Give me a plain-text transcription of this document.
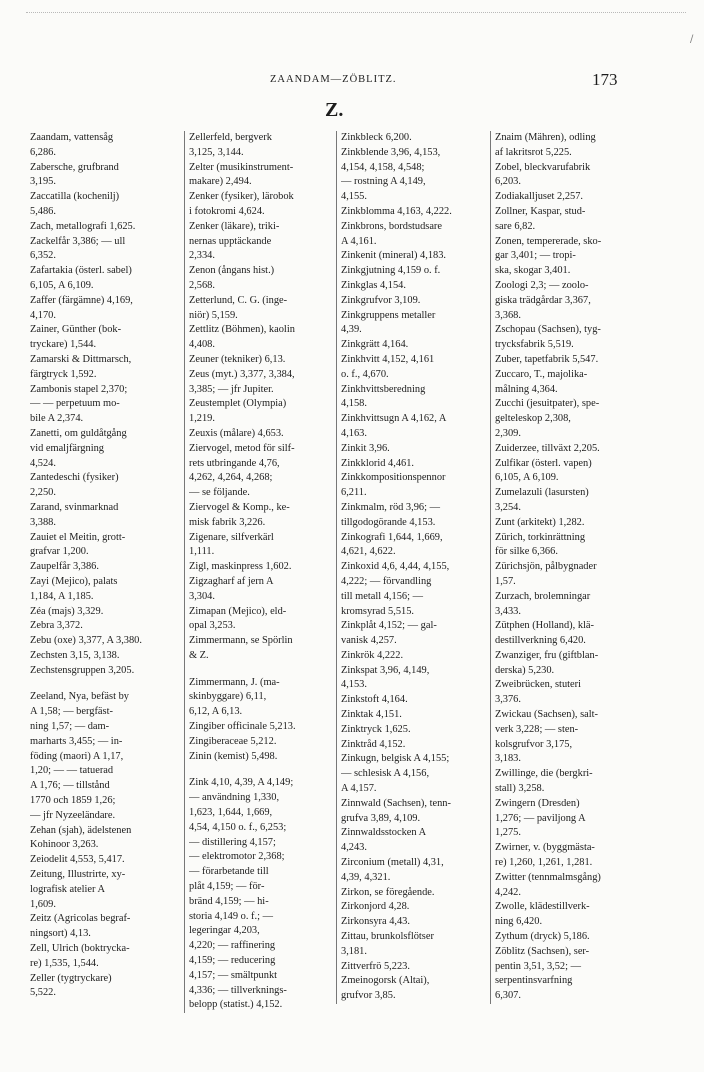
/
ZAANDAM—ZÖBLITZ.	173
Z.
Zaandam, vattensåg
6,286.
Zabersche, grufbrand
3,195.
Zaccatilla (kochenilj)
5,486.
Zach, metallografi 1,625.
Zackelfår 3,386; — ull
6,352.
Zafartakia (österl. sabel)
6,105, A 6,109.
Zaffer (färgämne) 4,169,
4,170.
Zainer, Günther (bok-
tryckare) 1,544.
Zamarski & Dittmarsch,
färgtryck 1,592.
Zambonis stapel 2,370;
— — perpetuum mo-
bile A 2,374.
Zanetti, om guldåtgång
vid emaljfärgning
4,524.
Zantedeschi (fysiker)
2,250.
Zarand, svinmarknad
3,388.
Zauiet el Meitin, grott-
grafvar 1,200.
Zaupelfår 3,386.
Zayi (Mejico), palats
1,184, A 1,185.
Zéa (majs) 3,329.
Zebra 3,372.
Zebu (oxe) 3,377, A 3,380.
Zechsten 3,15, 3,138.
Zechstensgruppen 3,205.
Zeeland, Nya, befäst by
A 1,58; — bergfäst-
ning 1,57; — dam-
marharts 3,455; — in-
föding (maori) A 1,17,
1,20; — — tatuerad
A 1,76; — tillstånd
1770 och 1859 1,26;
— jfr Nyzeeländare.
Zehan (sjah), ädelstenen
Kohinoor 3,263.
Zeiodelit 4,553, 5,417.
Zeitung, Illustrirte, xy-
lografisk atelier A
1,609.
Zeitz (Agricolas begraf-
ningsort) 4,13.
Zell, Ulrich (boktrycka-
re) 1,535, 1,544.
Zeller (tygtryckare)
5,522.
Zellerfeld, bergverk
3,125, 3,144.
Zelter (musikinstrument-
makare) 2,494.
Zenker (fysiker), lärobok
i fotokromi 4,624.
Zenker (läkare), triki-
nernas upptäckande
2,334.
Zenon (ångans hist.)
2,568.
Zetterlund, C. G. (inge-
niör) 5,159.
Zettlitz (Böhmen), kaolin
4,408.
Zeuner (tekniker) 6,13.
Zeus (myt.) 3,377, 3,384,
3,385; — jfr Jupiter.
Zeustemplet (Olympia)
1,219.
Zeuxis (målare) 4,653.
Ziervogel, metod för silf-
rets utbringande 4,76,
4,262, 4,264, 4,268;
— se följande.
Ziervogel & Komp., ke-
misk fabrik 3,226.
Zigenare, silfverkärl
1,111.
Zigl, maskinpress 1,602.
Zigzagharf af jern A
3,304.
Zimapan (Mejico), eld-
opal 3,253.
Zimmermann, se Spörlin
& Z.
Zimmermann, J. (ma-
skinbyggare) 6,11,
6,12, A 6,13.
Zingiber officinale 5,213.
Zingiberaceae 5,212.
Zinin (kemist) 5,498.
Zink 4,10, 4,39, A 4,149;
— användning 1,330,
1,623, 1,644, 1,669,
4,54, 4,150 o. f., 6,253;
— distillering 4,157;
— elektromotor 2,368;
— förarbetande till
plåt 4,159; — för-
bränd 4,159; — hi-
storia 4,149 o. f.; —
legeringar 4,203,
4,220; — raffinering
4,159; — reducering
4,157; — smältpunkt
4,336; — tillverknings-
belopp (statist.) 4,152.
Zinkbleck 6,200.
Zinkblende 3,96, 4,153,
4,154, 4,158, 4,548;
— rostning A 4,149,
4,155.
Zinkblomma 4,163, 4,222.
Zinkbrons, bordstudsare
A 4,161.
Zinkenit (mineral) 4,183.
Zinkgjutning 4,159 o. f.
Zinkglas 4,154.
Zinkgrufvor 3,109.
Zinkgruppens metaller
4,39.
Zinkgrätt 4,164.
Zinkhvitt 4,152, 4,161
o. f., 4,670.
Zinkhvittsberedning
4,158.
Zinkhvittsugn A 4,162, A
4,163.
Zinkit 3,96.
Zinkklorid 4,461.
Zinkkompositionspennor
6,211.
Zinkmalm, röd 3,96; —
tillgodogörande 4,153.
Zinkografi 1,644, 1,669,
4,621, 4,622.
Zinkoxid 4,6, 4,44, 4,155,
4,222; — förvandling
till metall 4,156; —
kromsyrad 5,515.
Zinkplåt 4,152; — gal-
vanisk 4,257.
Zinkrök 4,222.
Zinkspat 3,96, 4,149,
4,153.
Zinkstoft 4,164.
Zinktak 4,151.
Zinktryck 1,625.
Zinktråd 4,152.
Zinkugn, belgisk A 4,155;
— schlesisk A 4,156,
A 4,157.
Zinnwald (Sachsen), tenn-
grufva 3,89, 4,109.
Zinnwaldsstocken A
4,243.
Zirconium (metall) 4,31,
4,39, 4,321.
Zirkon, se föregående.
Zirkonjord 4,28.
Zirkonsyra 4,43.
Zittau, brunkolsflötser
3,181.
Zittverfrö 5,223.
Zmeinogorsk (Altai),
grufvor 3,85.
Znaim (Mähren), odling
af lakritsrot 5,225.
Zobel, bleckvarufabrik
6,203.
Zodiakalljuset 2,257.
Zollner, Kaspar, stud-
sare 6,82.
Zonen, tempererade, sko-
gar 3,401; — tropi-
ska, skogar 3,401.
Zoologi 2,3; — zoolo-
giska trädgårdar 3,367,
3,368.
Zschopau (Sachsen), tyg-
trycksfabrik 5,519.
Zuber, tapetfabrik 5,547.
Zuccaro, T., majolika-
målning 4,364.
Zucchi (jesuitpater), spe-
gelteleskop 2,308,
2,309.
Zuiderzee, tillväxt 2,205.
Zulfikar (österl. vapen)
6,105, A 6,109.
Zumelazuli (lasursten)
3,254.
Zunt (arkitekt) 1,282.
Zürich, torkinrättning
för silke 6,366.
Zürichsjön, pålbygnader
1,57.
Zurzach, brolemningar
3,433.
Zütphen (Holland), klä-
destillverkning 6,420.
Zwanziger, fru (giftblan-
derska) 5,230.
Zweibrücken, stuteri
3,376.
Zwickau (Sachsen), salt-
verk 3,228; — sten-
kolsgrufvor 3,175,
3,183.
Zwillinge, die (bergkri-
stall) 3,258.
Zwingern (Dresden)
1,276; — paviljong A
1,275.
Zwirner, v. (byggmästa-
re) 1,260, 1,261, 1,281.
Zwitter (tennmalmsgång)
4,242.
Zwolle, klädestillverk-
ning 6,420.
Zythum (dryck) 5,186.
Zöblitz (Sachsen), ser-
pentin 3,51, 3,52; —
serpentinsvarfning
6,307.
